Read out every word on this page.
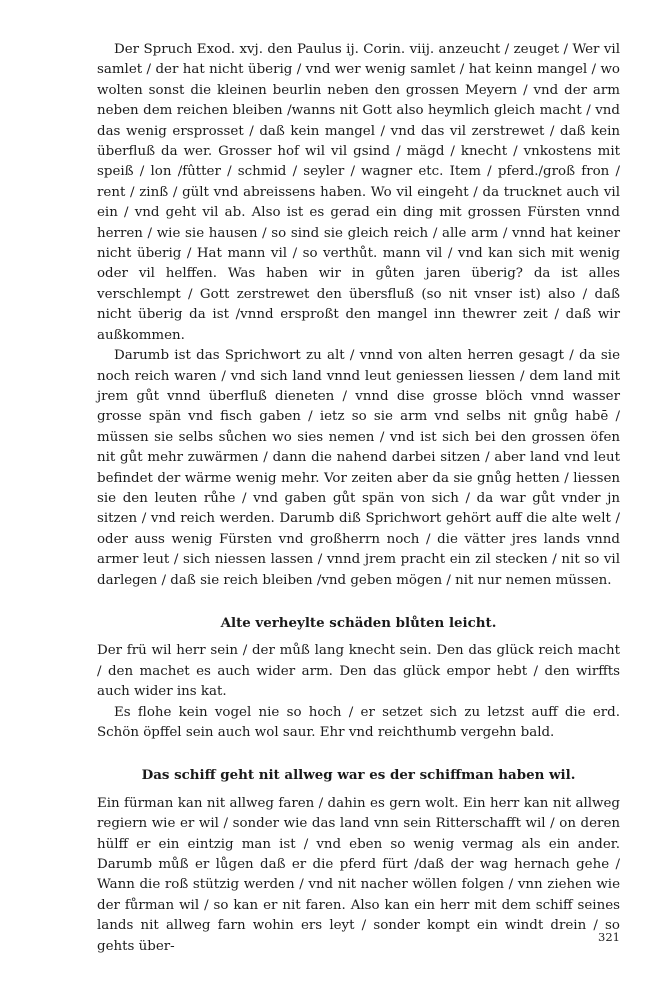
Der Spruch Exod. xvj. den Paulus ij. Corin. viij. anzeucht / zeuget / Wer vil samlet / der hat nicht überig / vnd wer wenig samlet / hat keinn mangel / wo wolten sonst die kleinen beurlin neben den grossen Meyern / vnd der arm neben dem reichen bleiben /wanns nit Gott also heymlich gleich macht / vnd das wenig ersprosset / daß kein mangel / vnd das vil zerstrewet / daß kein überfluß da wer. Grosser hof wil vil gsind / mägd / knecht / vnkostens mit speiß / lon /fûtter / schmid / seyler / wagner etc. Item / pferd./groß fron / rent / zinß / gült vnd abreissens haben. Wo vil eingeht / da trucknet auch vil ein / vnd geht vil ab. Also ist es gerad ein ding mit grossen Fürsten vnnd herren / wie sie hausen / so sind sie gleich reich / alle arm / vnnd hat keiner nicht überig / Hat mann vil / so verthůt. mann vil / vnd kan sich mit wenig oder vil helffen. Was haben wir in gůten jaren überig? da ist alles verschlempt / Gott zerstrewet den übersfluß (so nit vnser ist) also / daß nicht überig da ist /vnnd ersproßt den mangel inn thewrer zeit / daß wir außkommen.

Darumb ist das Sprichwort zu alt / vnnd von alten herren gesagt / da sie noch reich waren / vnd sich land vnnd leut geniessen liessen / dem land mit jrem gůt vnnd überfluß dieneten / vnnd dise grosse blöch vnnd wasser grosse spän vnd fisch gaben / ietz so sie arm vnd selbs nit gnůg habē / müssen sie selbs sůchen wo sies nemen / vnd ist sich bei den grossen öfen nit gůt mehr zuwärmen / dann die nahend darbei sitzen / aber land vnd leut befindet der wärme wenig mehr. Vor zeiten aber da sie gnůg hetten / liessen sie den leuten růhe / vnd gaben gůt spän von sich / da war gůt vnder jn sitzen / vnd reich werden. Darumb diß Sprichwort gehört auff die alte welt / oder auss wenig Fürsten vnd großherrn noch / die vätter jres lands vnnd armer leut / sich niessen lassen / vnnd jrem pracht ein zil stecken / nit so vil darlegen / daß sie reich bleiben /vnd geben mögen / nit nur nemen müssen.

Alte verheylte schäden blůten leicht.

Der frü wil herr sein / der můß lang knecht sein. Den das glück reich macht / den machet es auch wider arm. Den das glück empor hebt / den wirffts auch wider ins kat.

Es flohe kein vogel nie so hoch / er setzet sich zu letzst auff die erd. Schön öpffel sein auch wol saur. Ehr vnd reichthumb vergehn bald.

Das schiff geht nit allweg war es der schiffman haben wil.

Ein fürman kan nit allweg faren / dahin es gern wolt. Ein herr kan nit allweg regiern wie er wil / sonder wie das land vnn sein Ritterschafft wil / on deren hülff er ein eintzig man ist / vnd eben so wenig vermag als ein ander. Darumb můß er lůgen daß er die pferd fürt /daß der wag hernach gehe / Wann die roß stützig werden / vnd nit nacher wöllen folgen / vnn ziehen wie der fůrman wil / so kan er nit faren. Also kan ein herr mit dem schiff seines lands nit allweg farn wohin ers leyt / sonder kompt ein windt drein / so gehts über-

321
